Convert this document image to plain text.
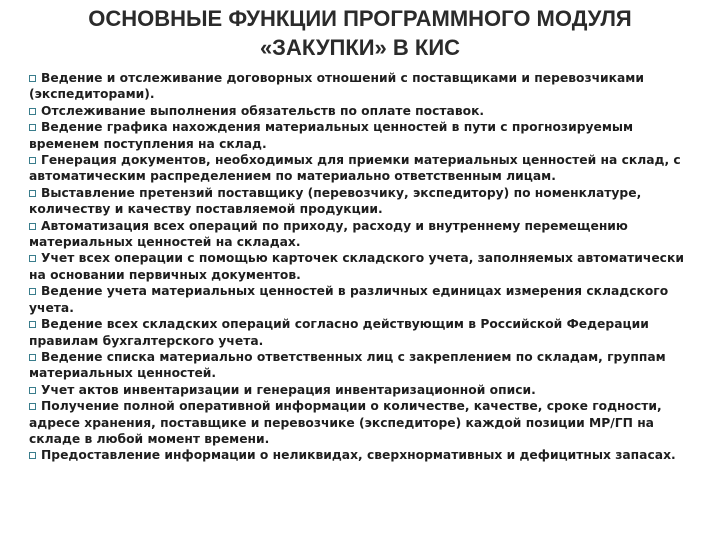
ОСНОВНЫЕ ФУНКЦИИ ПРОГРАММНОГО МОДУЛЯ
«ЗАКУПКИ» В КИС
Ведение и отслеживание договорных отношений с поставщиками и перевозчиками (экспедиторами).
Отслеживание выполнения обязательств по оплате поставок.
Ведение графика нахождения материальных ценностей в пути с прогнозируемым временем поступления на склад.
Генерация документов, необходимых для приемки материальных ценностей на склад, с автоматическим распределением по материально ответственным лицам.
Выставление претензий поставщику (перевозчику, экспедитору) по номенклатуре, количеству и качеству поставляемой продукции.
Автоматизация всех операций по приходу, расходу и внутреннему перемещению материальных ценностей на складах.
Учет всех операции с помощью карточек складского учета, заполняемых автоматически на основании первичных документов.
Ведение учета материальных ценностей в различных единицах измерения складского учета.
Ведение всех складских операций согласно действующим в Российской Федерации правилам бухгалтерского учета.
Ведение списка материально ответственных лиц с закреплением по складам, группам материальных ценностей.
Учет актов инвентаризации и генерация инвентаризационной описи.
Получение полной оперативной информации о количестве, качестве, сроке годности, адресе хранения, поставщике и перевозчике (экспедиторе) каждой позиции МР/ГП на складе в любой момент времени.
Предоставление информации о неликвидах, сверхнормативных и дефицитных запасах.
